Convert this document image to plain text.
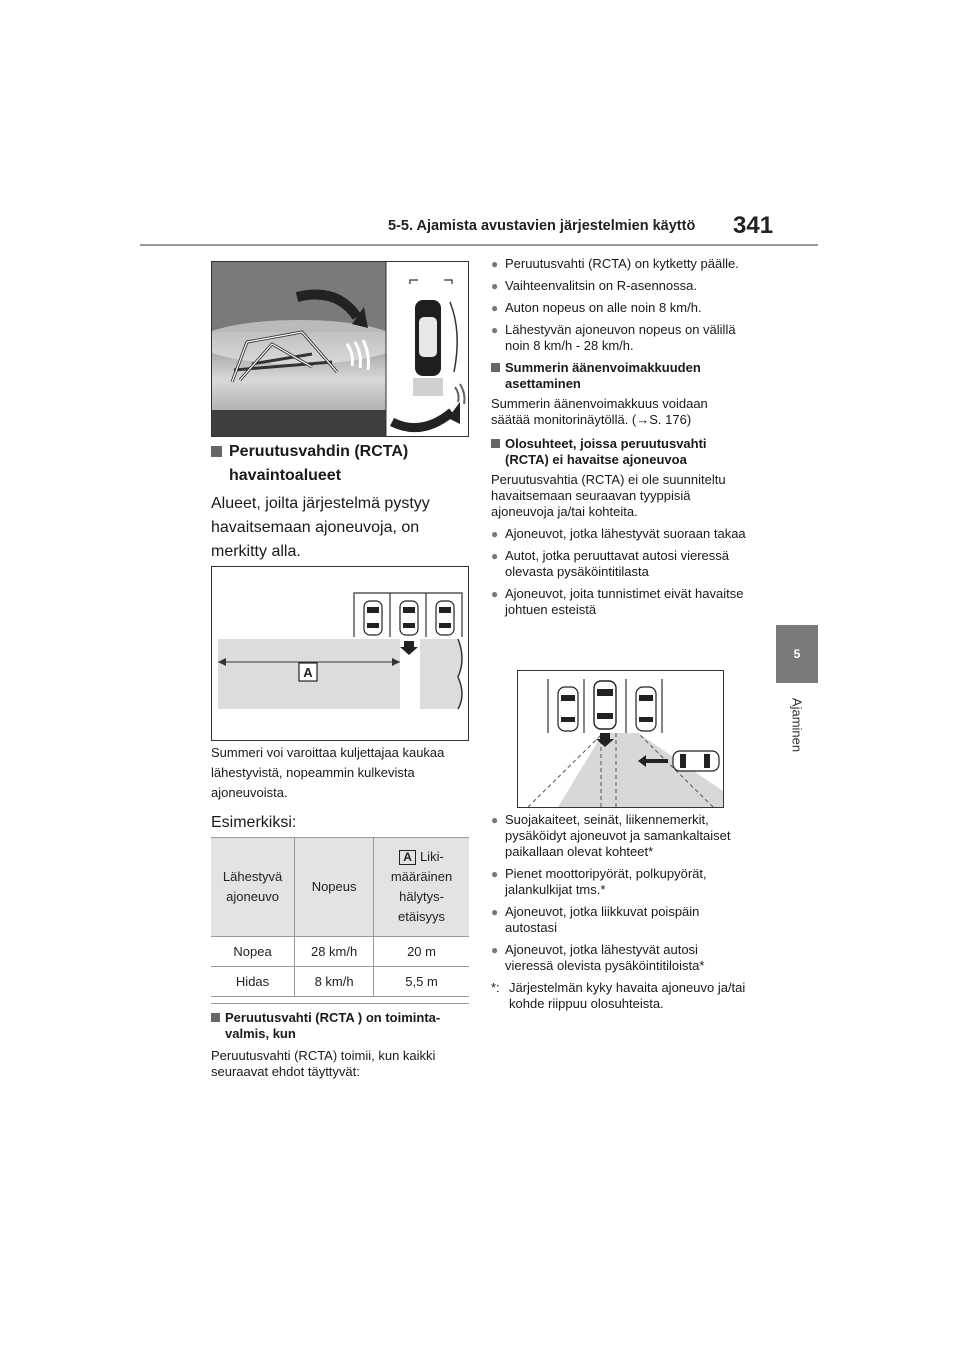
5-5. Ajamista avustavien järjestelmien käyttö 341
5
Ajaminen
Peruutusvahdin (RCTA) havaintoalueet
Alueet, joilta järjestelmä pystyy havaitsemaan ajoneuvoja, on merkitty alla.
A
Summeri voi varoittaa kuljettajaa kaukaa lähestyvistä, nopeammin kulkevista ajoneuvoista.
Esimerkiksi:
Lähestyvä ajoneuvo	Nopeus	A Liki-määräinen hälytys-etäisyys
Nopea	28 km/h	20 m
Hidas	8 km/h	5,5 m
Peruutusvahti (RCTA ) on toiminta-valmis, kun
Peruutusvahti (RCTA) toimii, kun kaikki seuraavat ehdot täyttyvät:
● Peruutusvahti (RCTA) on kytketty päälle.
● Vaihteenvalitsin on R-asennossa.
● Auton nopeus on alle noin 8 km/h.
● Lähestyvän ajoneuvon nopeus on välillä noin 8 km/h - 28 km/h.
Summerin äänenvoimakkuuden asettaminen
Summerin äänenvoimakkuus voidaan säätää monitorinäytöllä. (→S. 176)
Olosuhteet, joissa peruutusvahti (RCTA) ei havaitse ajoneuvoa
Peruutusvahtia (RCTA) ei ole suunniteltu havaitsemaan seuraavan tyyppisiä ajoneuvoja ja/tai kohteita.
● Ajoneuvot, jotka lähestyvät suoraan takaa
● Autot, jotka peruuttavat autosi vieressä olevasta pysäköintitilasta
● Ajoneuvot, joita tunnistimet eivät havaitse johtuen esteistä
● Suojakaiteet, seinät, liikennemerkit, pysäköidyt ajoneuvot ja samankaltaiset paikallaan olevat kohteet*
● Pienet moottoripyörät, polkupyörät, jalankulkijat tms.*
● Ajoneuvot, jotka liikkuvat poispäin autostasi
● Ajoneuvot, jotka lähestyvät autosi vieressä olevista pysäköintitiloista*
*: Järjestelmän kyky havaita ajoneuvo ja/tai kohde riippuu olosuhteista.
